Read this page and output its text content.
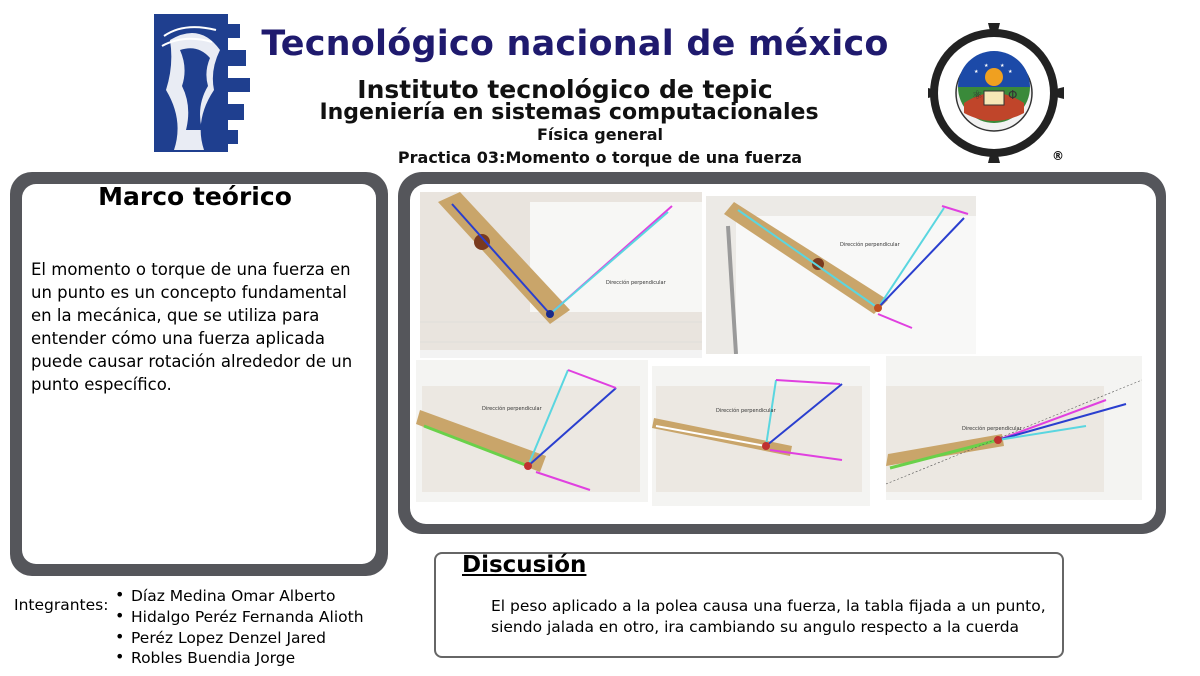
⚛ Φ
★
★ ★
★
®
Tecnológico nacional de méxico
Instituto tecnológico de tepic
Ingeniería en sistemas computacionales
Física general
Practica 03:Momento o torque de una fuerza
Marco teórico
El momento o torque de una fuerza en un punto es un concepto fundamental en la mecánica, que se utiliza para entender cómo una fuerza aplicada puede causar rotación alrededor de un punto específico.
Dirección perpendicular
Dirección perpendicular
Dirección perpendicular	Dirección perpendicular
Dirección perpendicular
Discusión
El peso aplicado a la polea causa una fuerza, la tabla fijada a un punto, siendo jalada en otro, ira cambiando su angulo respecto a la cuerda
Integrantes:
•	Díaz Medina Omar Alberto
• Hidalgo Peréz Fernanda Alioth
• Peréz Lopez Denzel Jared
• Robles Buendia Jorge
